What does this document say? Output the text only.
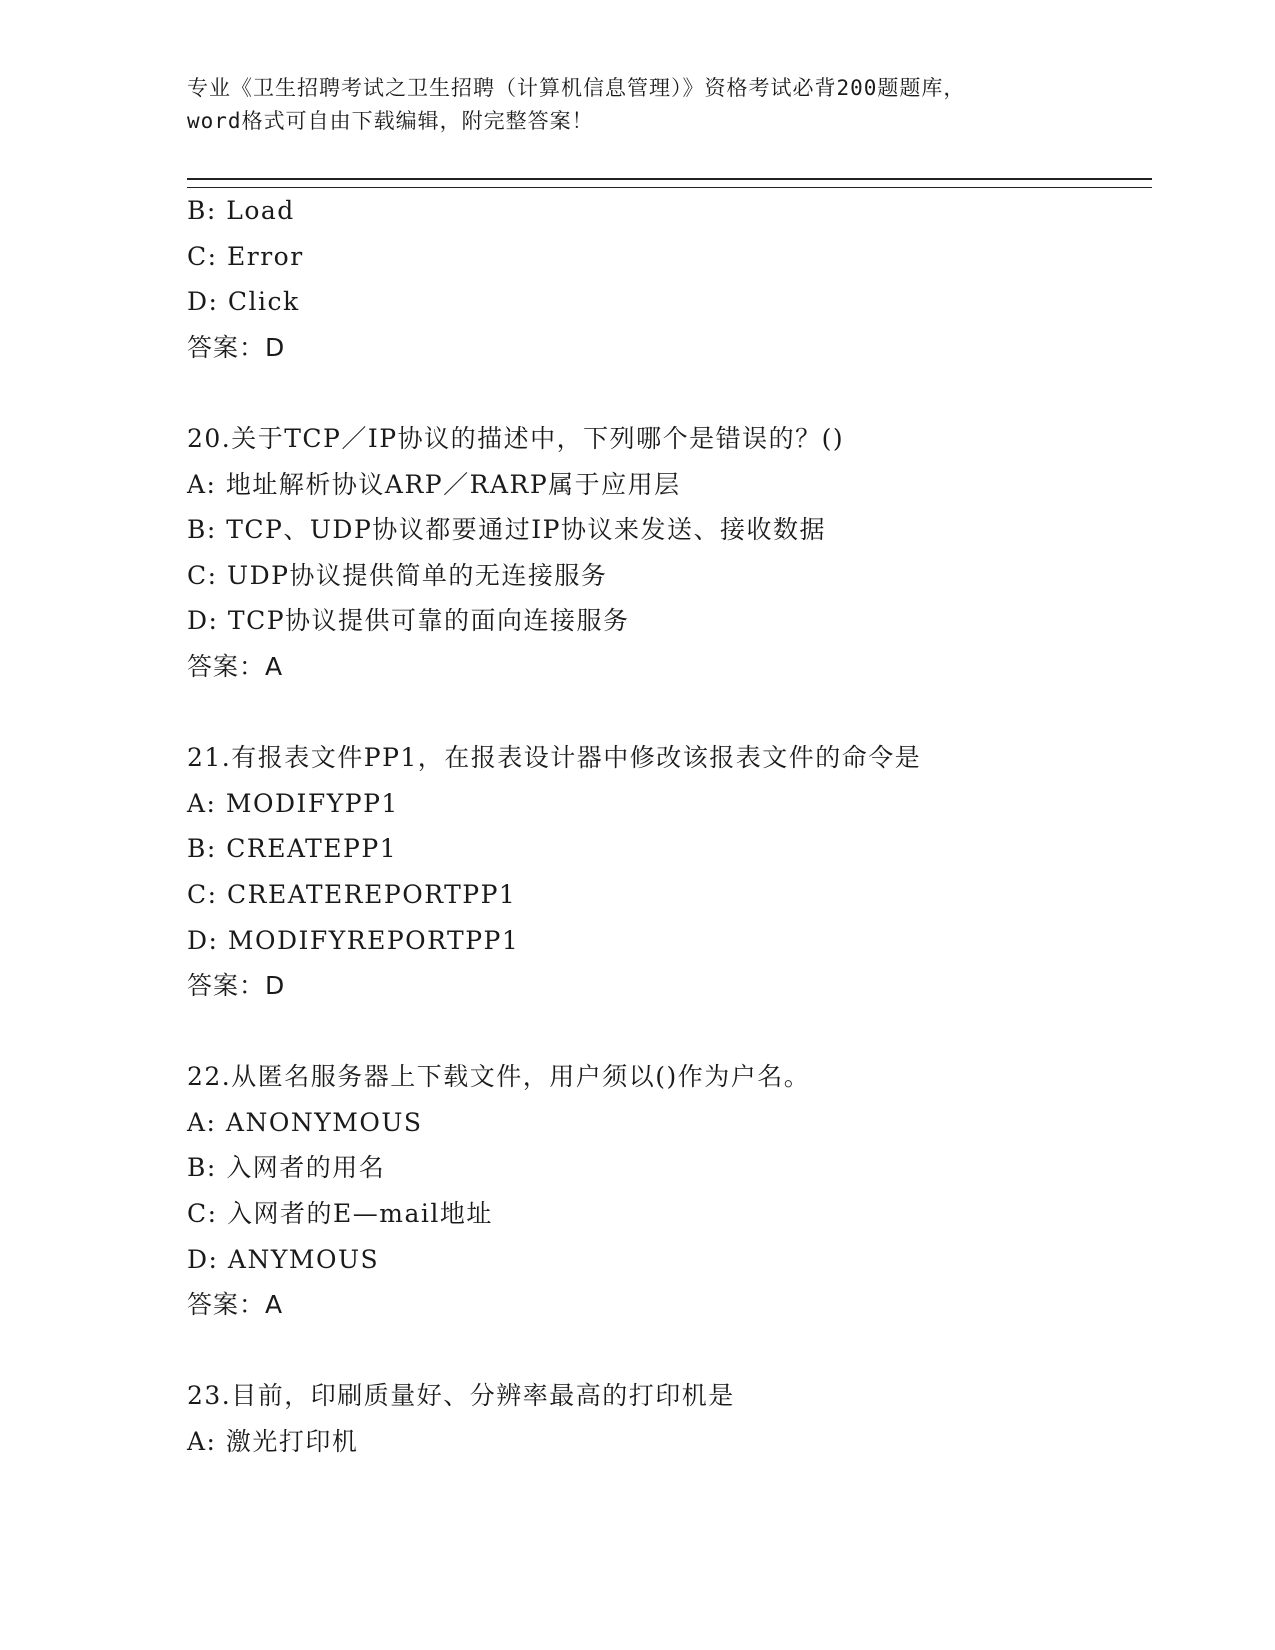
专业《卫生招聘考试之卫生招聘（计算机信息管理）》资格考试必背200题题库，
word格式可自由下载编辑，附完整答案！
B: Load
C: Error
D: Click
答案：D
20.关于TCP／IP协议的描述中，下列哪个是错误的？()
A: 地址解析协议ARP／RARP属于应用层
B: TCP、UDP协议都要通过IP协议来发送、接收数据
C: UDP协议提供简单的无连接服务
D: TCP协议提供可靠的面向连接服务
答案：A
21.有报表文件PP1，在报表设计器中修改该报表文件的命令是
A: MODIFYPP1
B: CREATEPP1
C: CREATEREPORTPP1
D: MODIFYREPORTPP1
答案：D
22.从匿名服务器上下载文件，用户须以()作为户名。
A: ANONYMOUS
B: 入网者的用名
C: 入网者的E—mail地址
D: ANYMOUS
答案：A
23.目前，印刷质量好、分辨率最高的打印机是
A: 激光打印机
